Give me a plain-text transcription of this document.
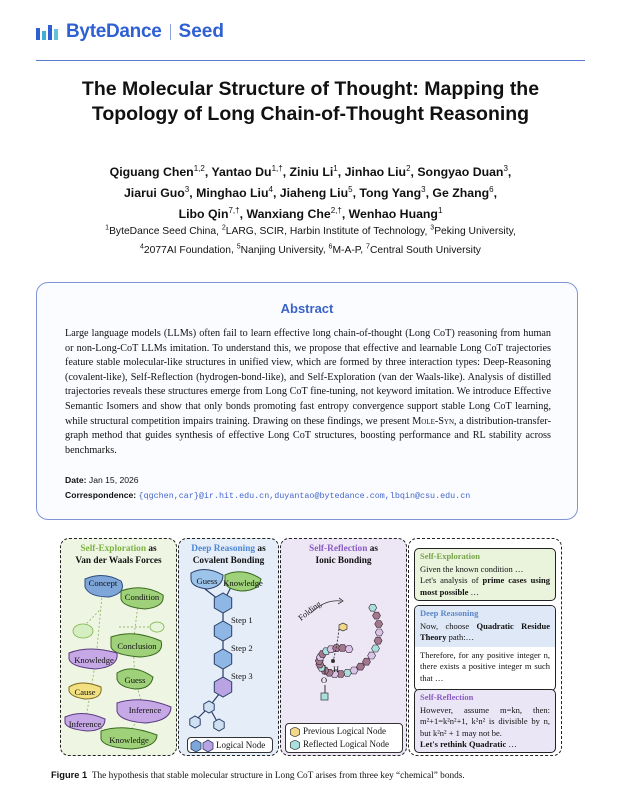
ByteDance Seed
The Molecular Structure of Thought: Mapping the
Topology of Long Chain-of-Thought Reasoning
Qiguang Chen$^{1,2}$, Yantao $Du^{1,\dagger}$, Ziniu Li$^1$, Jinhao Liu$^2$, Songyao Duan$^3$,
Jiarui Guo$^3$, Minghao Liu$^4$, Jiaheng Liu$^5$, Tong Yang$^3$, Ge Zhang$^6$,
Libo Qin$^{7,\dagger}$, Wanxiang Che$^{2,\dagger}$, Wenhao Huang$^1$
$^1$ByteDance Seed China, $^2$LARG, SCIR, Harbin Institute of Technology, $^3$Peking University,
$^4$2077AI Foundation, $^5$Nanjing University, $^6$M-A-P, $^7$Central South University
Abstract
Large language models (LLMs) often fail to learn effective long chain-of-thought (Long CoT) reasoning from human or non-Long-CoT LLMs imitation. To understand this, we propose that effective and learnable Long CoT trajectories feature stable molecular-like structures in unified view, which are formed by three interaction types: Deep-Reasoning (covalent-like), Self-Reflection (hydrogen-bond-like), and Self-Exploration (van der Waals-like). Analysis of distilled trajectories reveals these structures emerge from Long CoT fine-tuning, not keyword imitation. We introduce Effective Semantic Isomers and show that only bonds promoting fast entropy convergence support stable Long CoT learning, while structural competition impairs training. Drawing on these findings, we present Mole-Syn, a distribution-transfer-graph method that guides synthesis of effective Long CoT structures, boosting performance and RL stability across benchmarks.
Date: Jan 15, 2026
Correspondence: {qgchen,car}@ir.hit.edu.cn,duyantao@bytedance.com,lbqin@csu.edu.cn
Self-Exploration as
Van der Waals Forces
Concept
Condition
Conclusion
Knowledge
Guess
Cause
Inference
Inference
Knowledge
Deep Reasoning as
Covalent Bonding
Guess Knowledge
Step 1
Step 2
Step 3
Logical Node
Self-Reflection as
Ionic Bonding
H
O
Folding
Previous Logical Node
Reflected Logical Node
Self-Exploration
Given the known condition …
Let's analysis of prime cases using most possible …
Deep Reasoning
Now, choose Quadratic Residue Theory path:…
Therefore, for any positive integer n, there exists a positive integer m such that …
Self-Reflection
However, assume m=kn, then: m²+1=k²n²+1, k²n² is divisible by n, but k²n² + 1 may not be.
Let's rethink Quadratic …
Figure 1 The hypothesis that stable molecular structure in Long CoT arises from three key “chemical” bonds.
